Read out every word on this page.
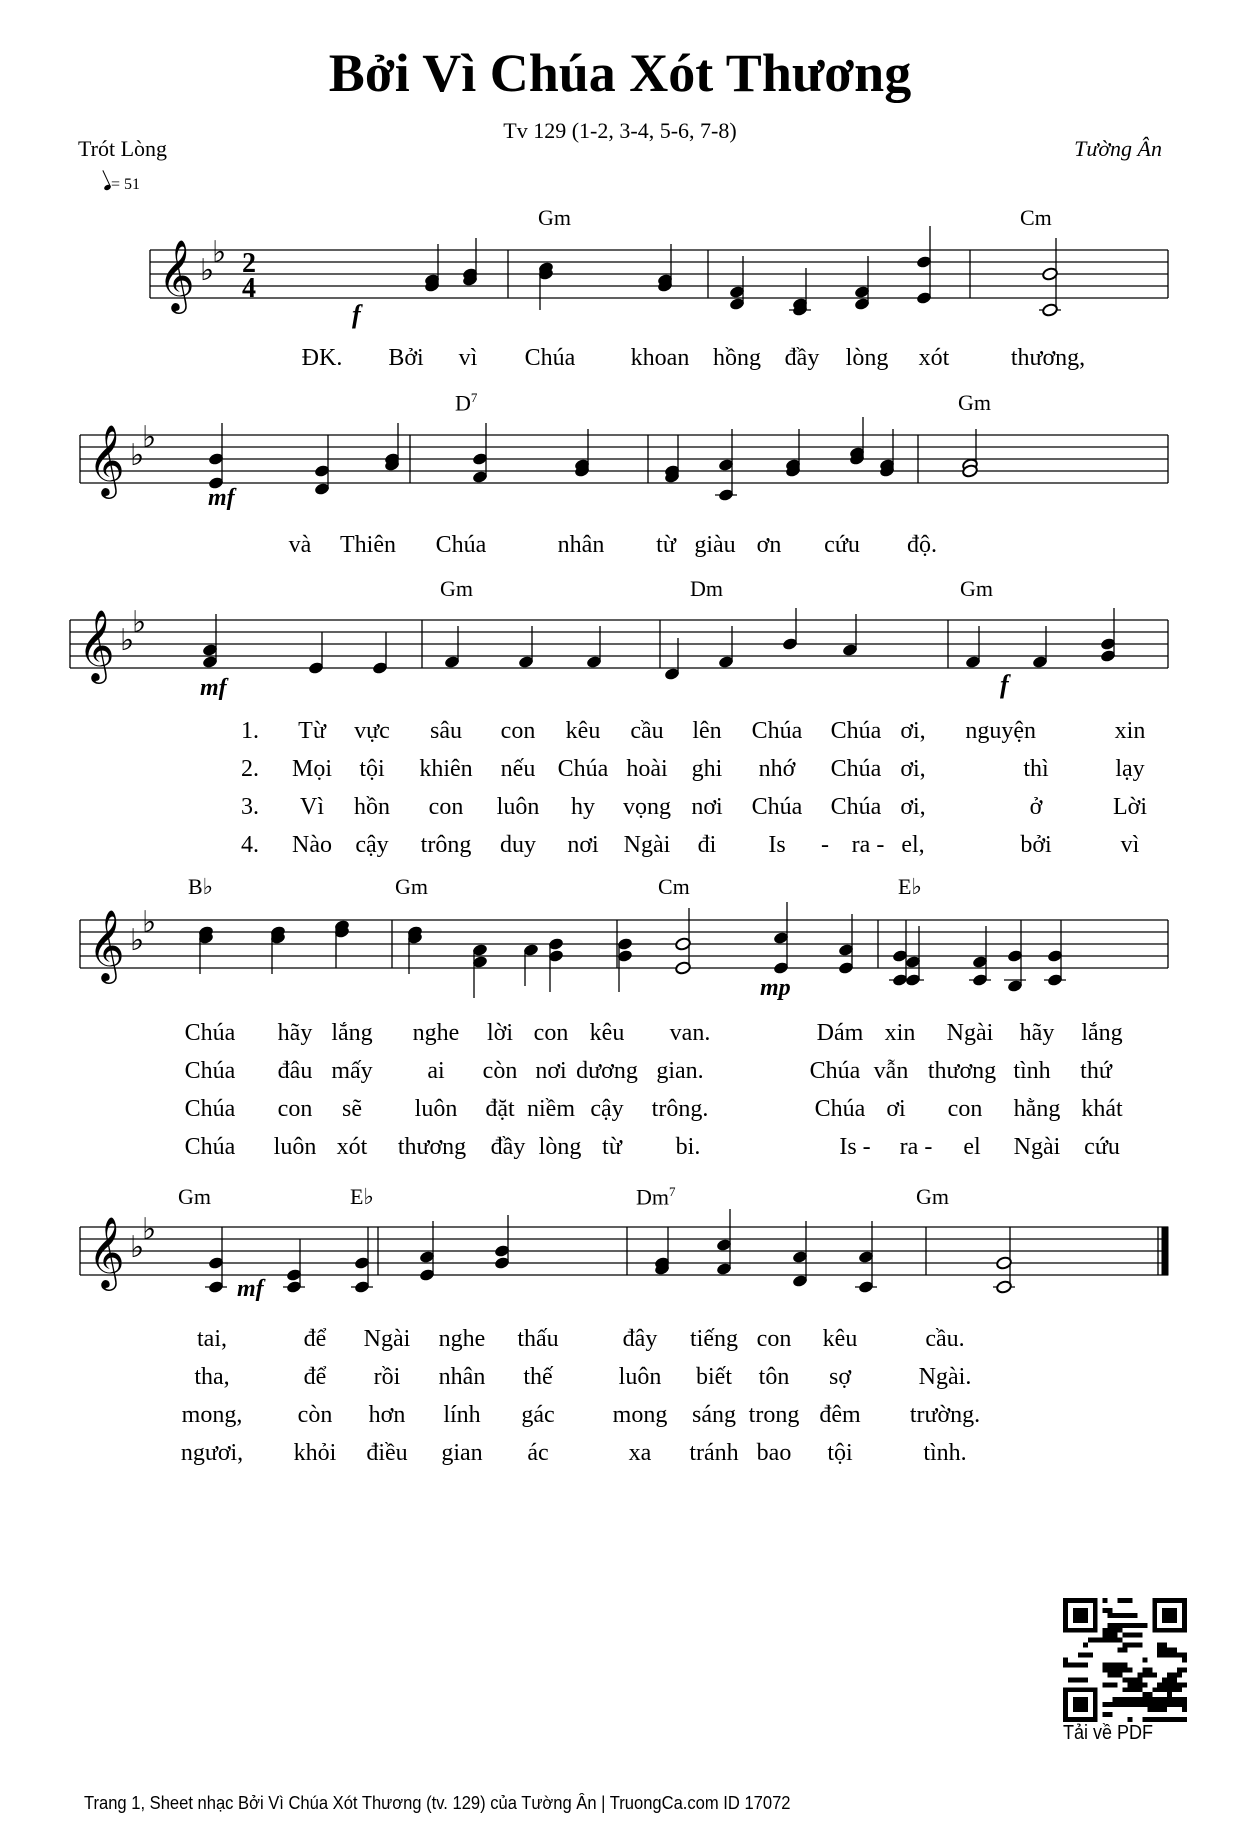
Bởi Vì Chúa Xót Thương
Tv 129 (1-2, 3-4, 5-6, 7-8)
Trót Lòng	Tường Ân
= 51
𝄞 ♭
♭ 2
4
𝄞 ♭
♭
𝄞 ♭
♭
𝄞 ♭
♭
𝄞 ♭
♭
Gm	Cm
$D^7$	Gm
Gm	Dm	Gm
B♭	Gm	Cm	E♭
Gm	E♭	Dm$^7$	Gm
f
mf
mf	f
mp
mf
ĐK. Bởi vì Chúa khoan hồng đầy lòng xót	thương,
và Thiên Chúa	nhân từ giàu ơn cứu độ.
1. Từ vực sâu con kêu cầu lên Chúa Chúa ơi, nguyện	xin
2. Mọi tội khiên nếu Chúa hoài ghi nhớ Chúa ơi,	thì	lạy
3. Vì hồn con luôn hy vọng nơi Chúa Chúa ơi,	ở	Lời
4. Nào cậy trông duy nơi Ngài đi Is - ra - el,	bởi	vì
Chúa hãy lắng nghe lời con kêu van.	Dám xin Ngài hãy lắng
Chúa đâu mấy ai còn nơi dương gian.	Chúa vẫn thương tình thứ
Chúa con sẽ luôn đặt niềm cậy trông.	Chúa ơi con hằng khát
Chúa luôn xót thương đầy lòng từ bi.	Is - ra - el Ngài cứu
tai,	để Ngài nghe thấu	đây tiếng con kêu	cầu.
tha,	để rồi nhân thế	luôn biết tôn sợ	Ngài.
mong, còn hơn lính gác mong sáng trong đêm trường.
ngươi, khỏi điều gian ác	xa tránh bao tội	tình.
Tải về PDF
Trang 1, Sheet nhạc Bởi Vì Chúa Xót Thương (tv. 129) của Tường Ân | TruongCa.com ID 17072
